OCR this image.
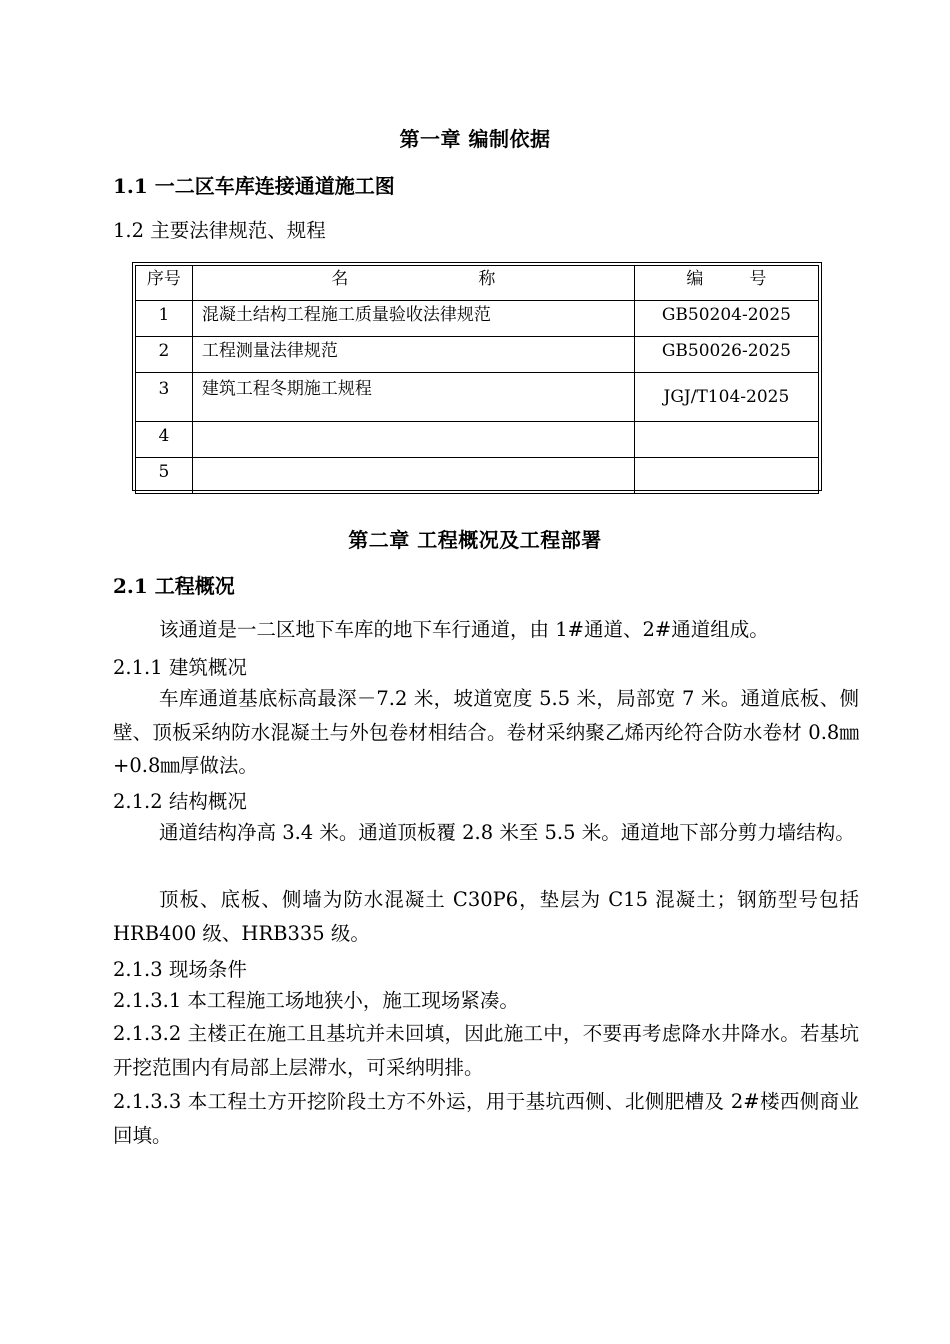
第一章 编制依据
1.1 一二区车库连接通道施工图
1.2 主要法律规范、规程
序号	名 称	编 号
1	混凝土结构工程施工质量验收法律规范	GB50204-2025
2	工程测量法律规范	GB50026-2025
3	建筑工程冬期施工规程	JGJ/T104-2025
4		
5		
第二章 工程概况及工程部署
2.1 工程概况
该通道是一二区地下车库的地下车行通道，由 1#通道、2#通道组成。
2.1.1 建筑概况
车库通道基底标高最深－7.2 米，坡道宽度 5.5 米，局部宽 7 米。通道底板、侧壁、顶板采纳防水混凝土与外包卷材相结合。卷材采纳聚乙烯丙纶符合防水卷材 0.8㎜+0.8㎜厚做法。
2.1.2 结构概况
通道结构净高 3.4 米。通道顶板覆 2.8 米至 5.5 米。通道地下部分剪力墙结构。
顶板、底板、侧墙为防水混凝土 C30P6，垫层为 C15 混凝土；钢筋型号包括 HRB400 级、HRB335 级。
2.1.3 现场条件
2.1.3.1 本工程施工场地狭小，施工现场紧凑。
2.1.3.2 主楼正在施工且基坑并未回填，因此施工中，不要再考虑降水井降水。若基坑开挖范围内有局部上层滞水，可采纳明排。
2.1.3.3 本工程土方开挖阶段土方不外运，用于基坑西侧、北侧肥槽及 2#楼西侧商业回填。
